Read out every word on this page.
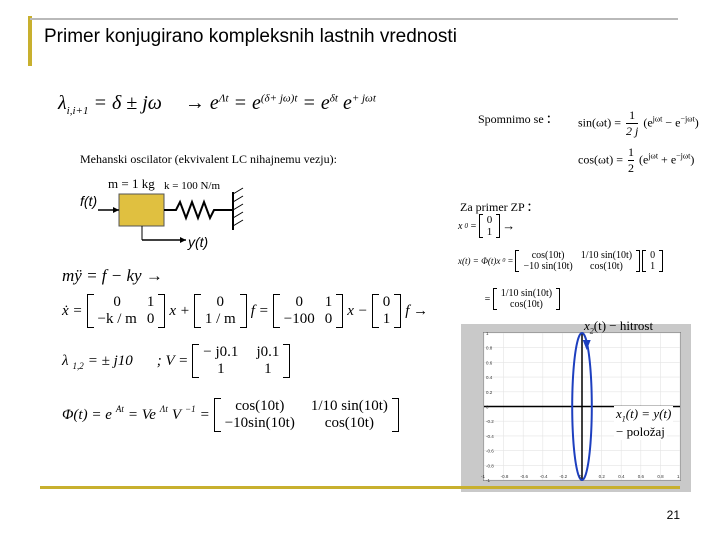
Primer konjugirano kompleksnih lastnih vrednosti
$\lambda_{i,i+1} = \delta \pm j\omega \to e^{\Lambda t} = e^{(\delta+ j\omega)t} = e^{\delta t}$ $e^{+ j\omega t}$
Spomnimo se : $\sin(\omega t) = \frac{1}{2 j} (e^{j\omega t} - e^{-j\omega t})$
$\cos(\omega t) = \frac{1}{2} (e^{j\omega t} + e^{-j\omega t})$
Mehanski oscilator (ekvivalent LC nihajnemu vezju):
m = 1 kg k = 100 N/m
f(t)
y(t)
mÿ = f − ky →
ẋ =
0	1
−k / m 0
x +
0
1 / m
f =
0	1
−100 0
x −
0
1
f →
λ $_{1,2}$ = ± j10 ; V =
− j0.1 j0.1
1	1
Φ(t) = e $^{At}$ = Ve $^{\Lambda t}$ V $^{-1}$ =
cos(10t)	1/10 sin(10t)
−10sin(10t)	cos(10t)
Za primer ZP :
x 0 = 0
1 →
x(t) = Φ(t)x 0 =	cos(10t)	1/10 sin(10t)
−10 sin(10t)	cos(10t)
0
1
= 1/10 sin(10t)
cos(10t)
1
0.8
0.6
0.4
0.2
0
-0.2
-0.4
-0.6
-0.8
-1
-1	-0.8	-0.6	-0.4	-0.2	0	0.2	0.4	0.6	0.8	1
$x_2(t)$ − hitrost
$x_1(t) = y(t)$
− položaj
21
